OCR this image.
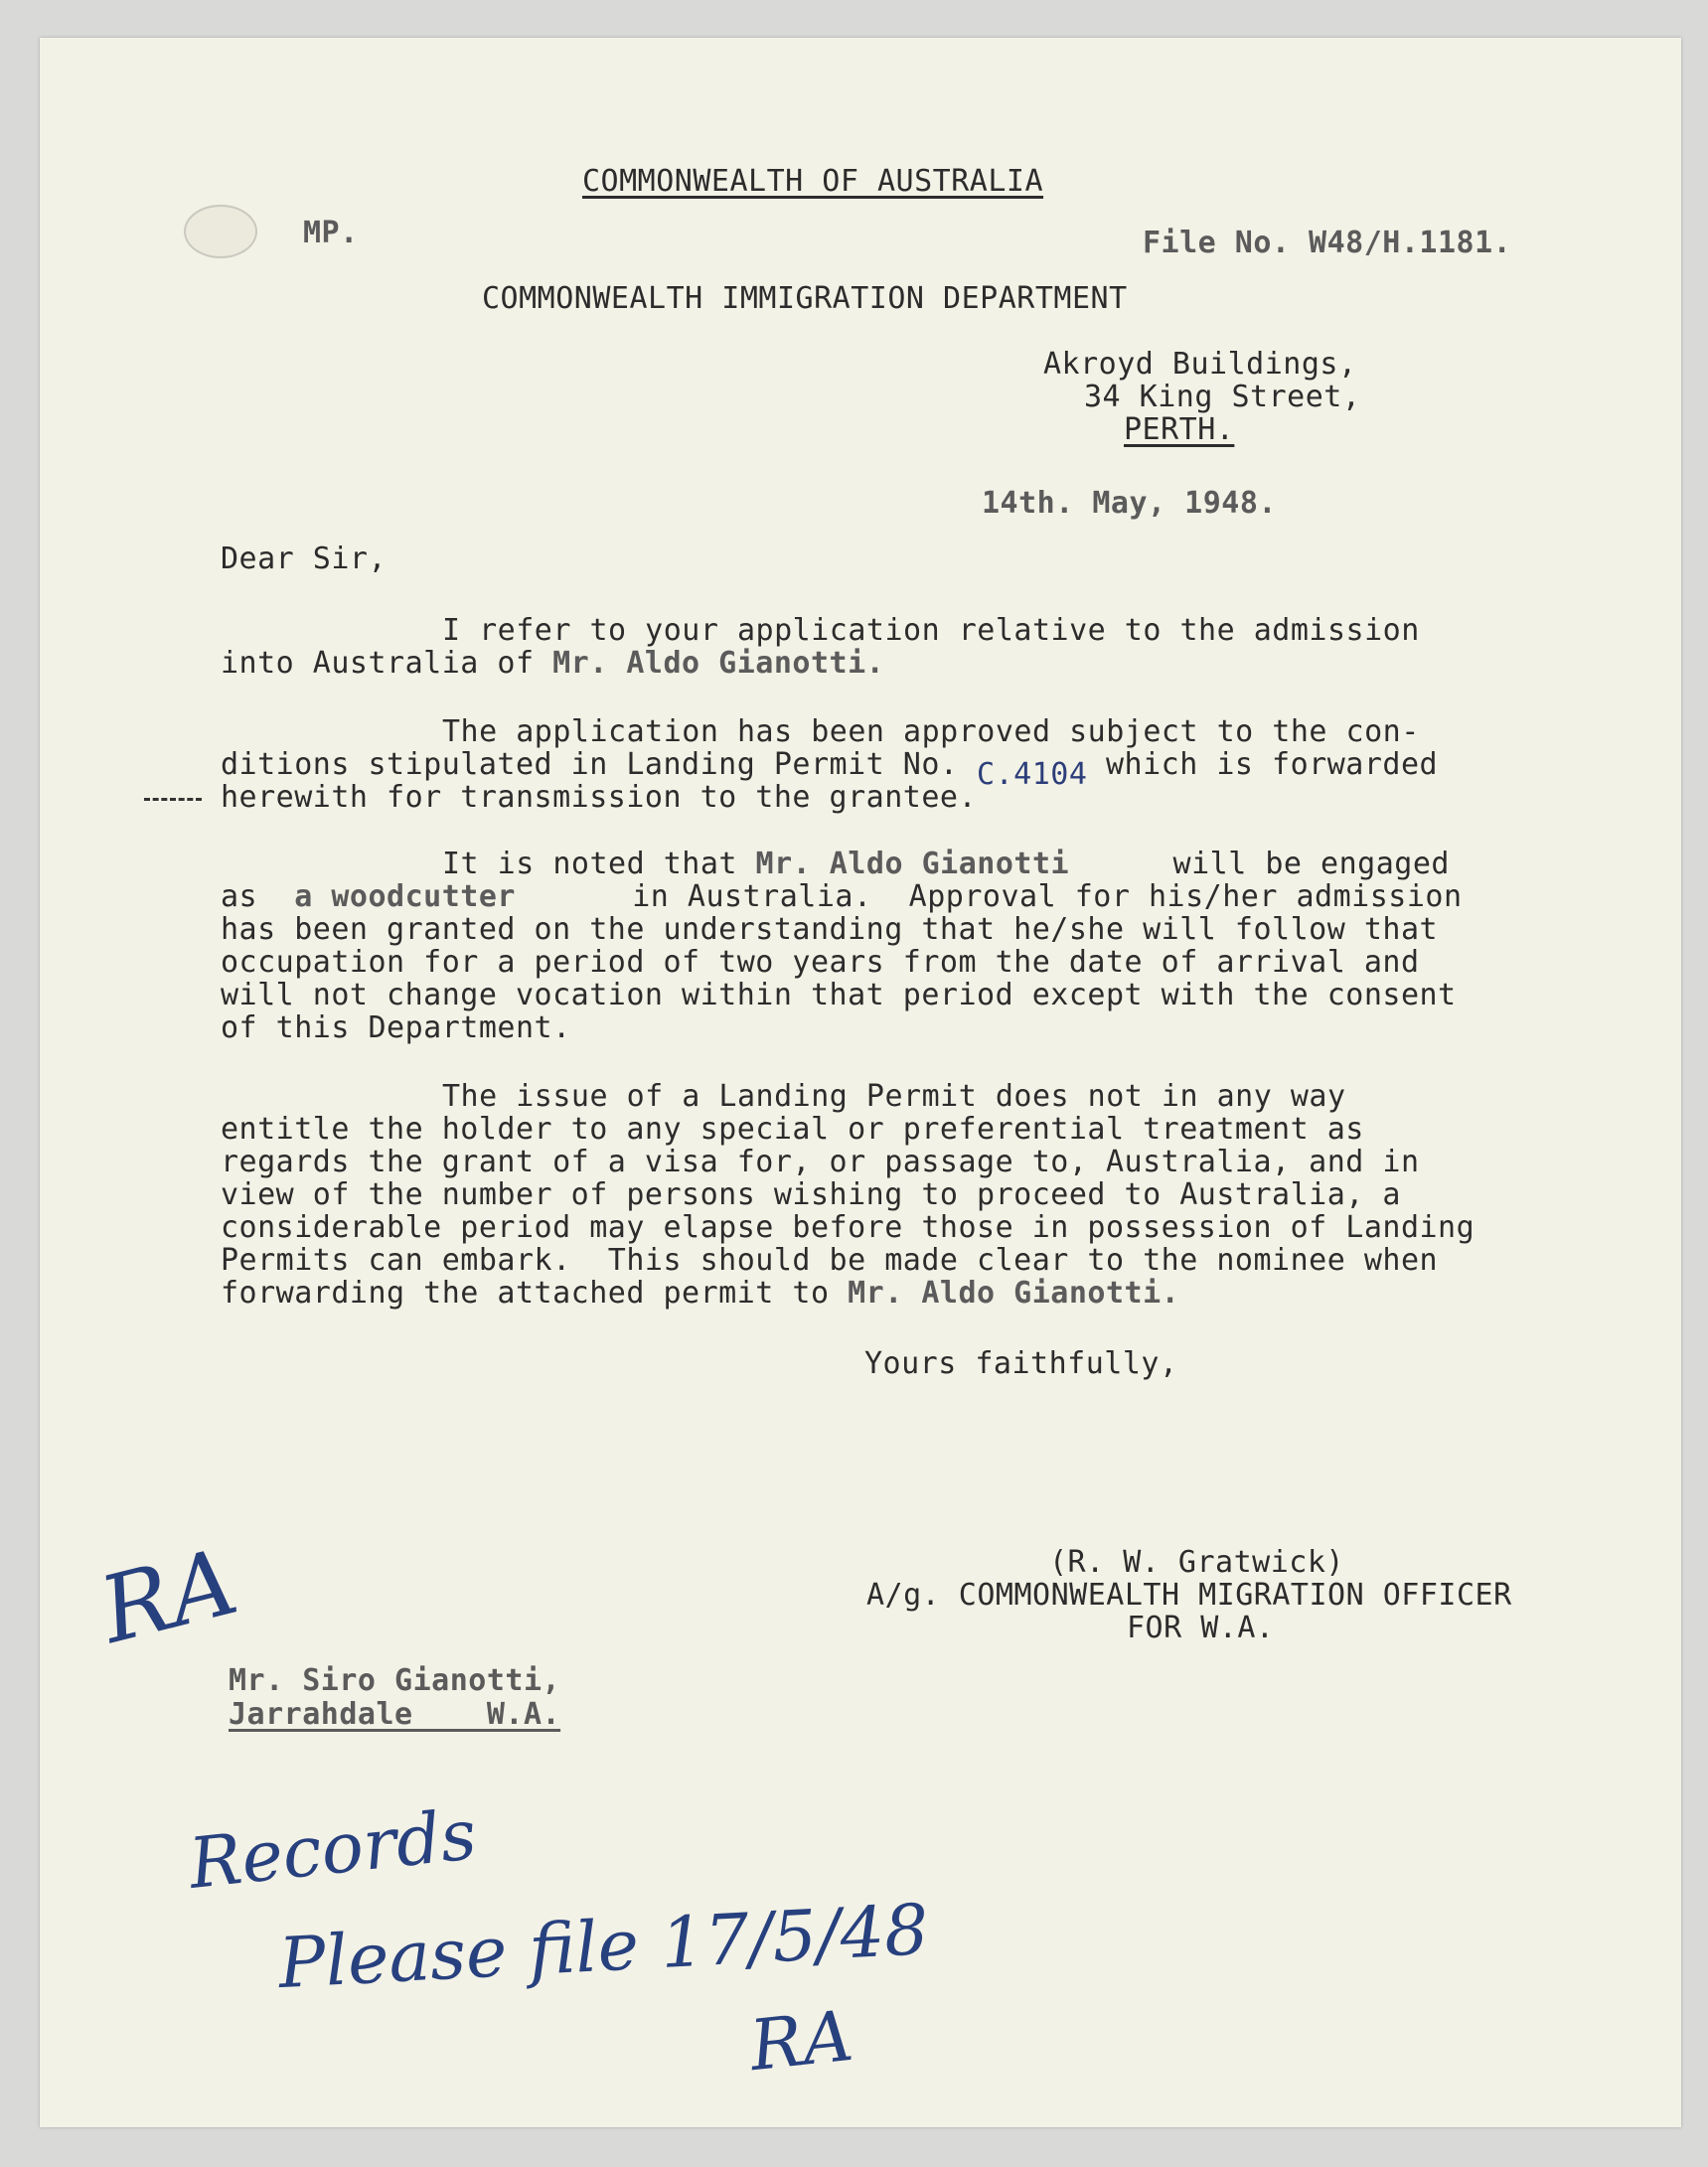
COMMONWEALTH OF AUSTRALIA
MP.	File No. W48/H.1181.
COMMONWEALTH IMMIGRATION DEPARTMENT
Akroyd Buildings,
34 King Street,
PERTH.
14th. May, 1948.
Dear Sir,
I refer to your application relative to the admission
into Australia of Mr. Aldo Gianotti.
The application has been approved subject to the con-
ditions stipulated in Landing Permit No. C.4104 which is forwarded
herewith for transmission to the grantee.
It is noted that Mr. Aldo Gianotti	will be engaged
as  a woodcutter	in Australia.  Approval for his/her admission
has been granted on the understanding that he/she will follow that
occupation for a period of two years from the date of arrival and
will not change vocation within that period except with the consent
of this Department.
The issue of a Landing Permit does not in any way
entitle the holder to any special or preferential treatment as
regards the grant of a visa for, or passage to, Australia, and in
view of the number of persons wishing to proceed to Australia, a
considerable period may elapse before those in possession of Landing
Permits can embark.  This should be made clear to the nominee when
forwarding the attached permit to Mr. Aldo Gianotti.
Yours faithfully,
(R. W. Gratwick)
A/g. COMMONWEALTH MIGRATION OFFICER
FOR W.A.
RA
Mr. Siro Gianotti,
Jarrahdale    W.A.
Records
Please file 17/5/48
RA
